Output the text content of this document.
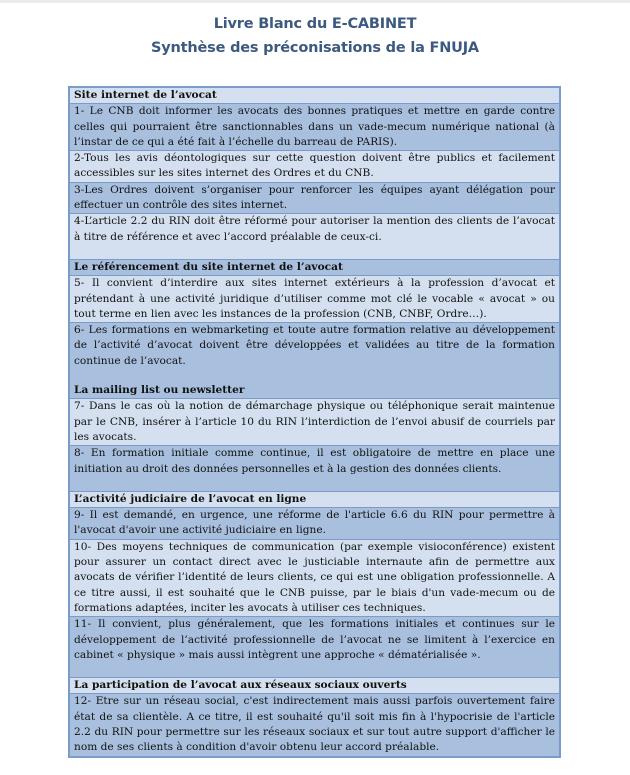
Livre Blanc du E-CABINET
Synthèse des préconisations de la FNUJA
Site internet de l’avocat
1- Le CNB doit informer les avocats des bonnes pratiques et mettre en garde contre celles qui pourraient être sanctionnables dans un vade-mecum numérique national (à l’instar de ce qui a été fait à l’échelle du barreau de PARIS).
2-Tous les avis déontologiques sur cette question doivent être publics et facilement accessibles sur les sites internet des Ordres et du CNB.
3-Les Ordres doivent s’organiser pour renforcer les équipes ayant délégation pour effectuer un contrôle des sites internet.
4-L’article 2.2 du RIN doit être réformé pour autoriser la mention des clients de l’avocat à titre de référence et avec l’accord préalable de ceux-ci.
Le référencement du site internet de l’avocat
5- Il convient d’interdire aux sites internet extérieurs à la profession d’avocat et prétendant à une activité juridique d’utiliser comme mot clé le vocable « avocat » ou tout terme en lien avec les instances de la profession (CNB, CNBF, Ordre…).
6- Les formations en webmarketing et toute autre formation relative au développement de l’activité d’avocat doivent être développées et validées au titre de la formation continue de l’avocat.
La mailing list ou newsletter
7- Dans le cas où la notion de démarchage physique ou téléphonique serait maintenue par le CNB, insérer à l’article 10 du RIN l’interdiction de l’envoi abusif de courriels par les avocats.
8- En formation initiale comme continue, il est obligatoire de mettre en place une initiation au droit des données personnelles et à la gestion des données clients.
L’activité judiciaire de l’avocat en ligne
9- Il est demandé, en urgence, une réforme de l'article 6.6 du RIN pour permettre à l'avocat d'avoir une activité judiciaire en ligne.
10- Des moyens techniques de communication (par exemple visioconférence) existent pour assurer un contact direct avec le justiciable internaute afin de permettre aux avocats de vérifier l’identité de leurs clients, ce qui est une obligation professionnelle. A ce titre aussi, il est souhaité que le CNB puisse, par le biais d'un vade-mecum ou de formations adaptées, inciter les avocats à utiliser ces techniques.
11- Il convient, plus généralement, que les formations initiales et continues sur le développement de l’activité professionnelle de l’avocat ne se limitent à l’exercice en cabinet « physique » mais aussi intègrent une approche « dématérialisée ».
La participation de l’avocat aux réseaux sociaux ouverts
12- Etre sur un réseau social, c'est indirectement mais aussi parfois ouvertement faire état de sa clientèle. A ce titre, il est souhaité qu'il soit mis fin à l'hypocrisie de l'article 2.2 du RIN pour permettre sur les réseaux sociaux et sur tout autre support d'afficher le nom de ses clients à condition d'avoir obtenu leur accord préalable.
